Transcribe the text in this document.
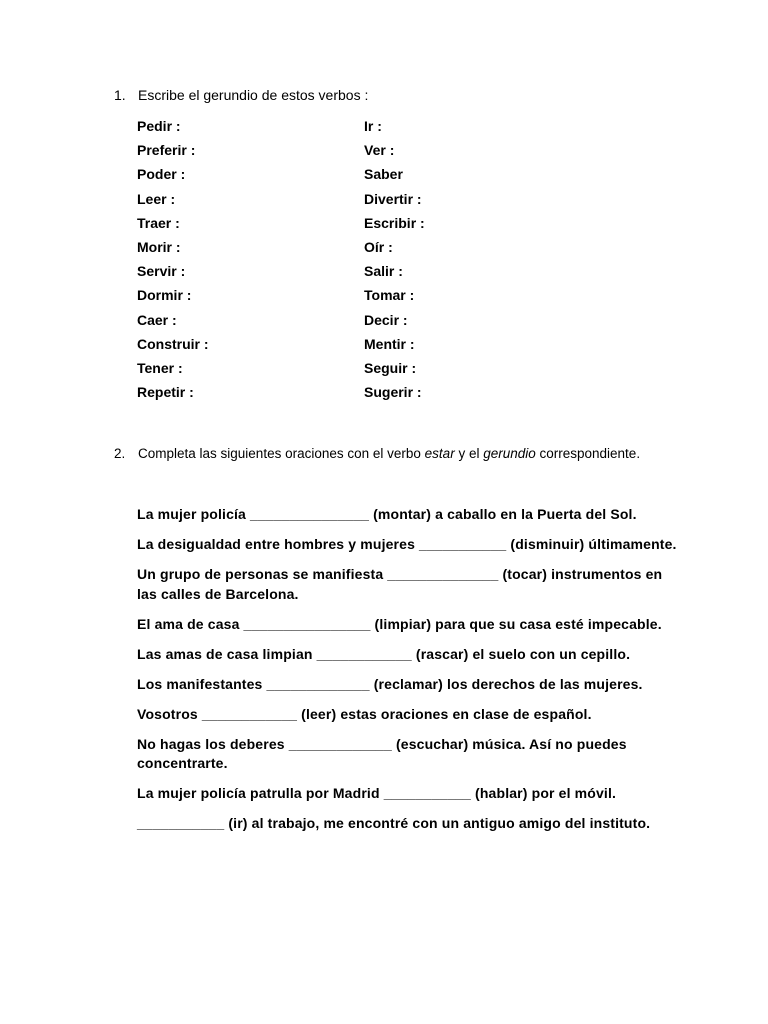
1. Escribe el gerundio de estos verbos :
Pedir :	Ir :
Preferir :	Ver :
Poder :	Saber
Leer :	Divertir :
Traer :	Escribir :
Morir :	Oír :
Servir :	Salir :
Dormir :	Tomar :
Caer :	Decir :
Construir :	Mentir :
Tener :	Seguir :
Repetir :	Sugerir :
2. Completa las siguientes oraciones con el verbo estar y el gerundio correspondiente.

La mujer policía _______________ (montar) a caballo en la Puerta del Sol.

La desigualdad entre hombres y mujeres ___________ (disminuir) últimamente.

Un grupo de personas se manifiesta ______________ (tocar) instrumentos en las calles de Barcelona.

El ama de casa ________________ (limpiar) para que su casa esté impecable.

Las amas de casa limpian ____________ (rascar) el suelo con un cepillo.

Los manifestantes _____________ (reclamar) los derechos de las mujeres.

Vosotros ____________ (leer) estas oraciones en clase de español.

No hagas los deberes _____________ (escuchar) música. Así no puedes concentrarte.

La mujer policía patrulla por Madrid ___________ (hablar) por el móvil.

___________ (ir) al trabajo, me encontré con un antiguo amigo del instituto.
